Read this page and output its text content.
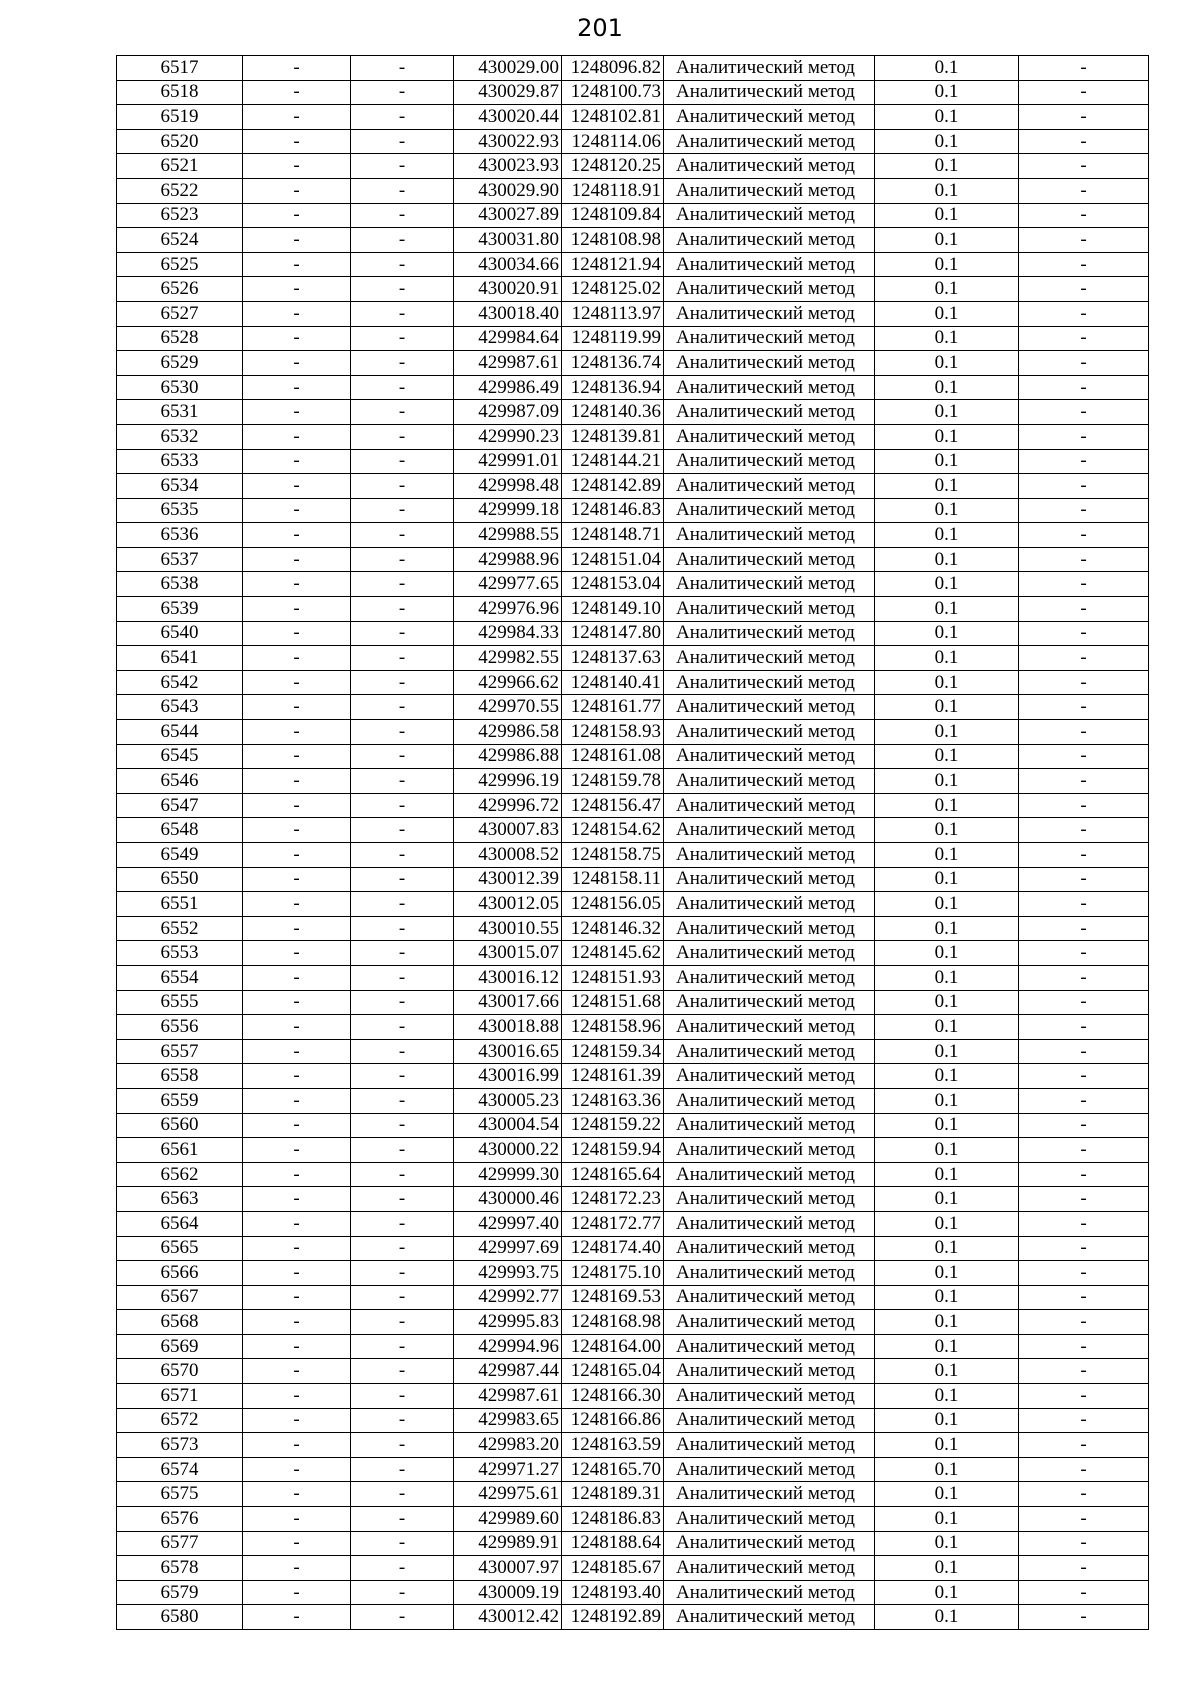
201
6517	-	-	430029.00	1248096.82	Аналитический метод	0.1	-
6518	-	-	430029.87	1248100.73	Аналитический метод	0.1	-
6519	-	-	430020.44	1248102.81	Аналитический метод	0.1	-
6520	-	-	430022.93	1248114.06	Аналитический метод	0.1	-
6521	-	-	430023.93	1248120.25	Аналитический метод	0.1	-
6522	-	-	430029.90	1248118.91	Аналитический метод	0.1	-
6523	-	-	430027.89	1248109.84	Аналитический метод	0.1	-
6524	-	-	430031.80	1248108.98	Аналитический метод	0.1	-
6525	-	-	430034.66	1248121.94	Аналитический метод	0.1	-
6526	-	-	430020.91	1248125.02	Аналитический метод	0.1	-
6527	-	-	430018.40	1248113.97	Аналитический метод	0.1	-
6528	-	-	429984.64	1248119.99	Аналитический метод	0.1	-
6529	-	-	429987.61	1248136.74	Аналитический метод	0.1	-
6530	-	-	429986.49	1248136.94	Аналитический метод	0.1	-
6531	-	-	429987.09	1248140.36	Аналитический метод	0.1	-
6532	-	-	429990.23	1248139.81	Аналитический метод	0.1	-
6533	-	-	429991.01	1248144.21	Аналитический метод	0.1	-
6534	-	-	429998.48	1248142.89	Аналитический метод	0.1	-
6535	-	-	429999.18	1248146.83	Аналитический метод	0.1	-
6536	-	-	429988.55	1248148.71	Аналитический метод	0.1	-
6537	-	-	429988.96	1248151.04	Аналитический метод	0.1	-
6538	-	-	429977.65	1248153.04	Аналитический метод	0.1	-
6539	-	-	429976.96	1248149.10	Аналитический метод	0.1	-
6540	-	-	429984.33	1248147.80	Аналитический метод	0.1	-
6541	-	-	429982.55	1248137.63	Аналитический метод	0.1	-
6542	-	-	429966.62	1248140.41	Аналитический метод	0.1	-
6543	-	-	429970.55	1248161.77	Аналитический метод	0.1	-
6544	-	-	429986.58	1248158.93	Аналитический метод	0.1	-
6545	-	-	429986.88	1248161.08	Аналитический метод	0.1	-
6546	-	-	429996.19	1248159.78	Аналитический метод	0.1	-
6547	-	-	429996.72	1248156.47	Аналитический метод	0.1	-
6548	-	-	430007.83	1248154.62	Аналитический метод	0.1	-
6549	-	-	430008.52	1248158.75	Аналитический метод	0.1	-
6550	-	-	430012.39	1248158.11	Аналитический метод	0.1	-
6551	-	-	430012.05	1248156.05	Аналитический метод	0.1	-
6552	-	-	430010.55	1248146.32	Аналитический метод	0.1	-
6553	-	-	430015.07	1248145.62	Аналитический метод	0.1	-
6554	-	-	430016.12	1248151.93	Аналитический метод	0.1	-
6555	-	-	430017.66	1248151.68	Аналитический метод	0.1	-
6556	-	-	430018.88	1248158.96	Аналитический метод	0.1	-
6557	-	-	430016.65	1248159.34	Аналитический метод	0.1	-
6558	-	-	430016.99	1248161.39	Аналитический метод	0.1	-
6559	-	-	430005.23	1248163.36	Аналитический метод	0.1	-
6560	-	-	430004.54	1248159.22	Аналитический метод	0.1	-
6561	-	-	430000.22	1248159.94	Аналитический метод	0.1	-
6562	-	-	429999.30	1248165.64	Аналитический метод	0.1	-
6563	-	-	430000.46	1248172.23	Аналитический метод	0.1	-
6564	-	-	429997.40	1248172.77	Аналитический метод	0.1	-
6565	-	-	429997.69	1248174.40	Аналитический метод	0.1	-
6566	-	-	429993.75	1248175.10	Аналитический метод	0.1	-
6567	-	-	429992.77	1248169.53	Аналитический метод	0.1	-
6568	-	-	429995.83	1248168.98	Аналитический метод	0.1	-
6569	-	-	429994.96	1248164.00	Аналитический метод	0.1	-
6570	-	-	429987.44	1248165.04	Аналитический метод	0.1	-
6571	-	-	429987.61	1248166.30	Аналитический метод	0.1	-
6572	-	-	429983.65	1248166.86	Аналитический метод	0.1	-
6573	-	-	429983.20	1248163.59	Аналитический метод	0.1	-
6574	-	-	429971.27	1248165.70	Аналитический метод	0.1	-
6575	-	-	429975.61	1248189.31	Аналитический метод	0.1	-
6576	-	-	429989.60	1248186.83	Аналитический метод	0.1	-
6577	-	-	429989.91	1248188.64	Аналитический метод	0.1	-
6578	-	-	430007.97	1248185.67	Аналитический метод	0.1	-
6579	-	-	430009.19	1248193.40	Аналитический метод	0.1	-
6580	-	-	430012.42	1248192.89	Аналитический метод	0.1	-
